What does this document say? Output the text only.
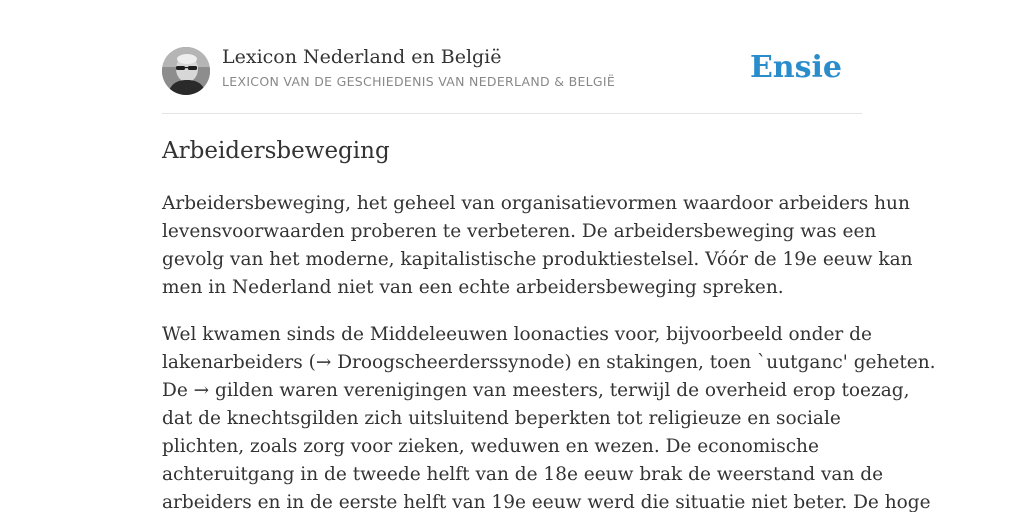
Lexicon Nederland en België
LEXICON VAN DE GESCHIEDENIS VAN NEDERLAND & BELGIË	Ensie
Arbeidersbeweging

Arbeidersbeweging, het geheel van organisatievormen waardoor arbeiders hun
levensvoorwaarden proberen te verbeteren. De arbeidersbeweging was een
gevolg van het moderne, kapitalistische produktiestelsel. Vóór de 19e eeuw kan
men in Nederland niet van een echte arbeidersbeweging spreken.

Wel kwamen sinds de Middeleeuwen loonacties voor, bijvoorbeeld onder de
lakenarbeiders (→ Droogscheerderssynode) en stakingen, toen `uutganc' geheten.
De → gilden waren verenigingen van meesters, terwijl de overheid erop toezag,
dat de knechtsgilden zich uitsluitend beperkten tot religieuze en sociale
plichten, zoals zorg voor zieken, weduwen en wezen. De economische
achteruitgang in de tweede helft van de 18e eeuw brak de weerstand van de
arbeiders en in de eerste helft van 19e eeuw werd die situatie niet beter. De hoge
